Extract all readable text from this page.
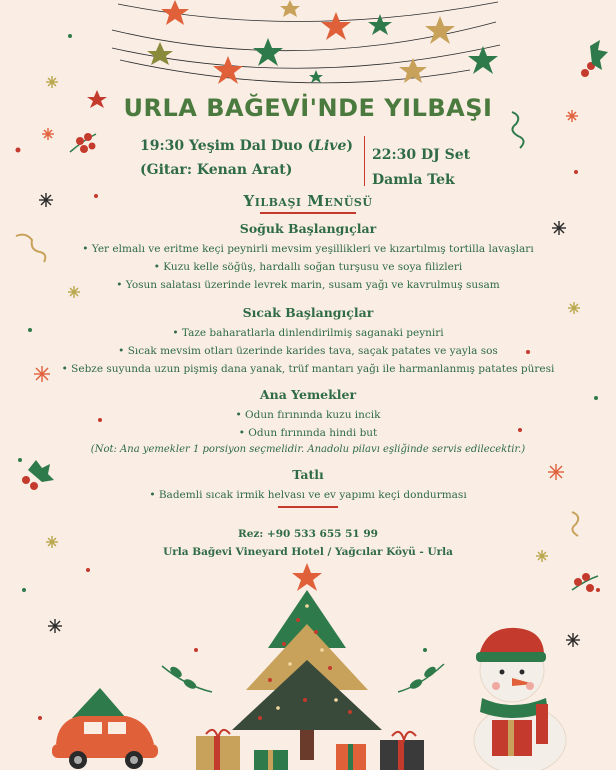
URLA BAĞEVİ'NDE YILBAŞI
19:30 Yeşim Dal Duo (Live)
(Gitar: Kenan Arat)
22:30 DJ Set
Damla Tek
Yılbaşı Menüsü
Soğuk Başlangıçlar
• Yer elmalı ve eritme keçi peynirli mevsim yeşillikleri ve kızartılmış tortilla lavaşları
• Kuzu kelle söğüş, hardallı soğan turşusu ve soya filizleri
• Yosun salatası üzerinde levrek marin, susam yağı ve kavrulmuş susam
Sıcak Başlangıçlar
• Taze baharatlarla dinlendirilmiş saganaki peyniri
• Sıcak mevsim otları üzerinde karides tava, saçak patates ve yayla sos
• Sebze suyunda uzun pişmiş dana yanak, trüf mantarı yağı ile harmanlanmış patates püresi
Ana Yemekler
• Odun fırınında kuzu incik
• Odun fırınında hindi but
(Not: Ana yemekler 1 porsiyon seçmelidir. Anadolu pilavı eşliğinde servis edilecektir.)
Tatlı
• Bademli sıcak irmik helvası ve ev yapımı keçi dondurması
Rez: +90 533 655 51 99
Urla Bağevi Vineyard Hotel / Yağcılar Köyü - Urla
